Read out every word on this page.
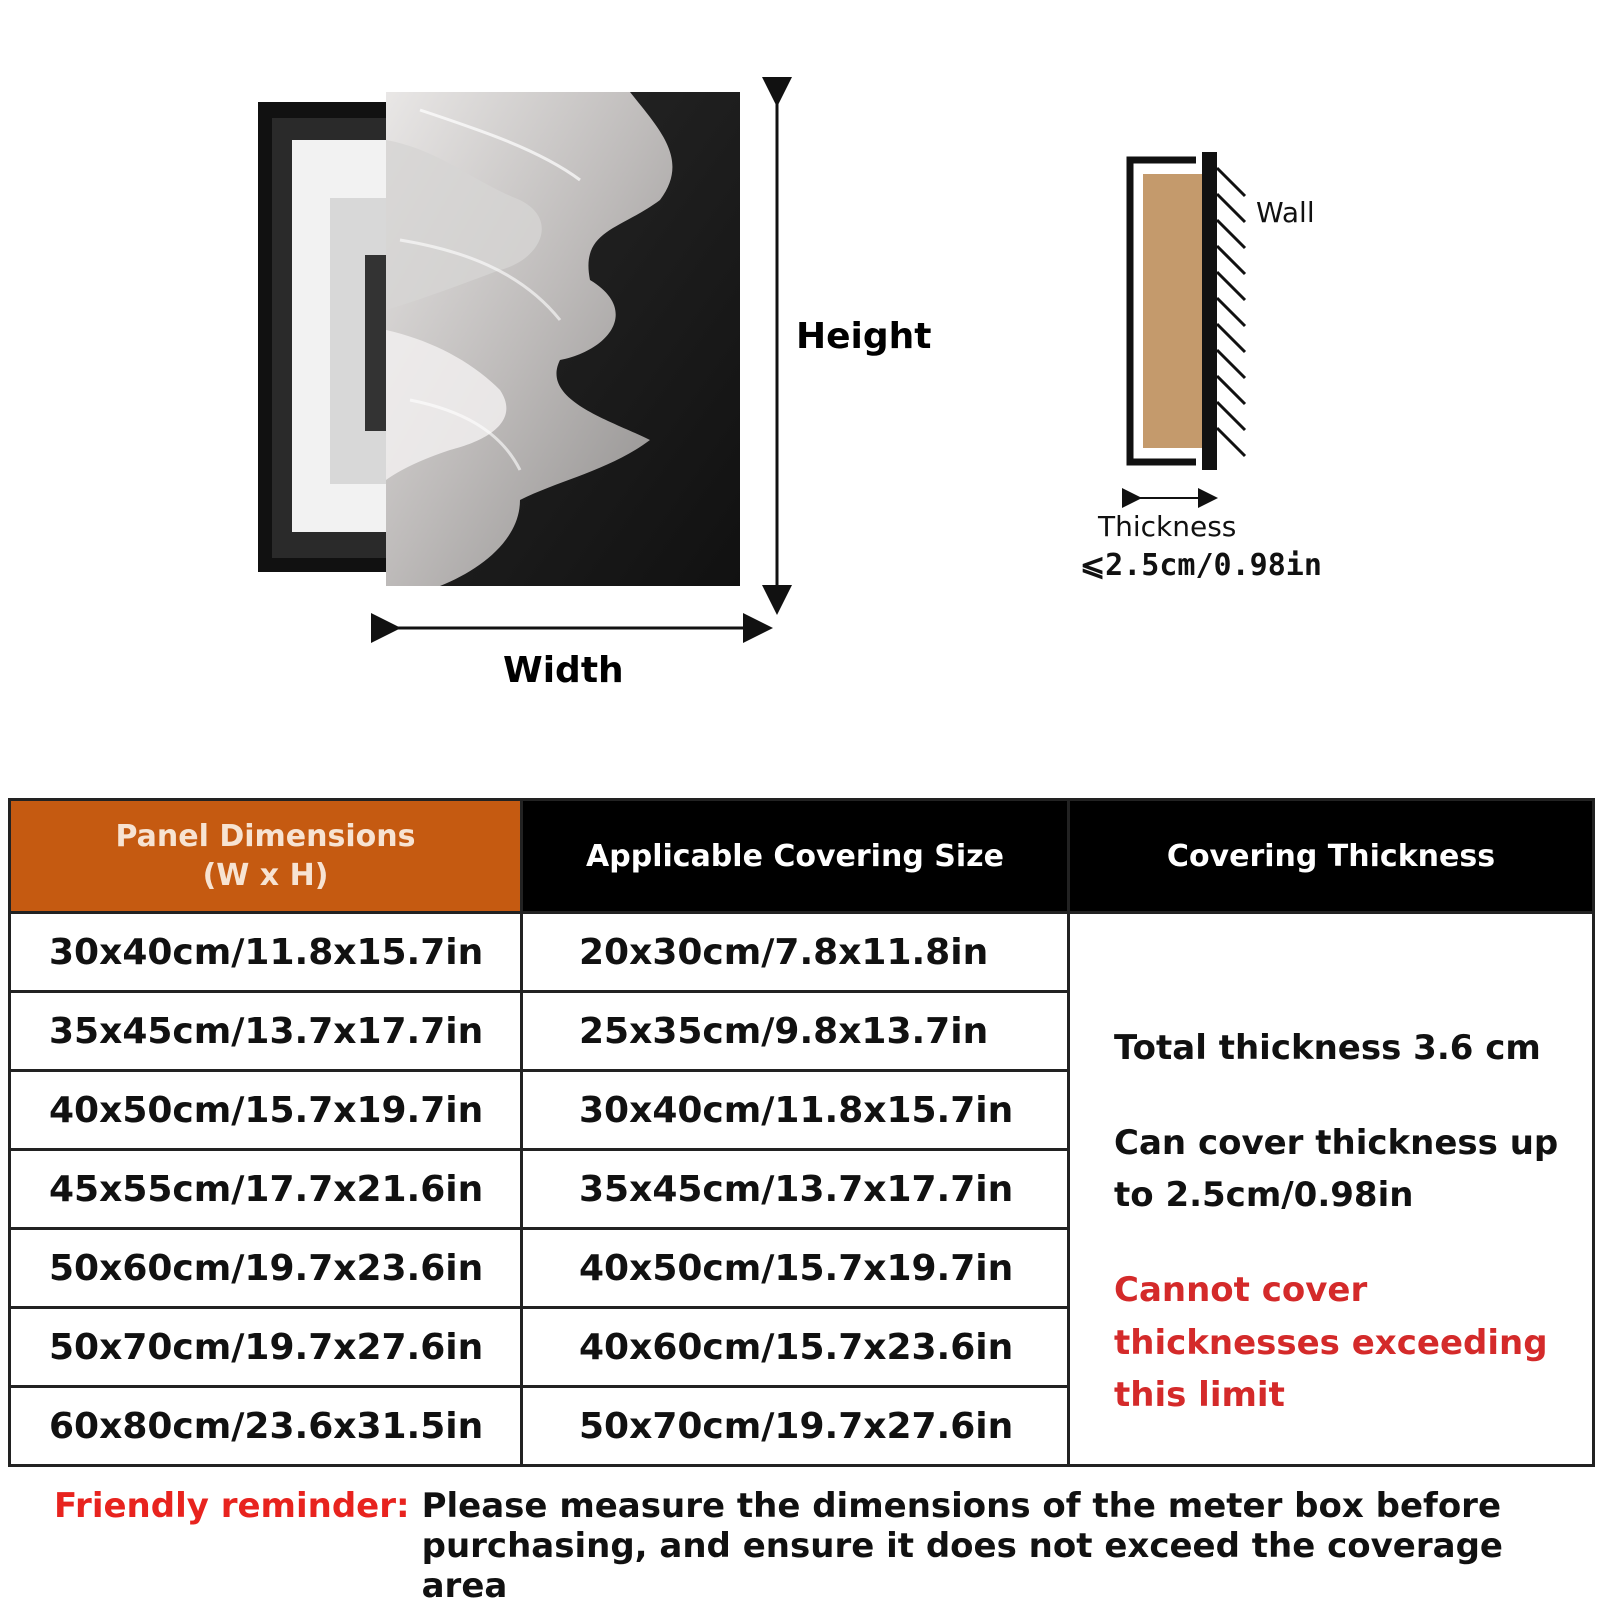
Height
Width
Wall
Thickness
⩽2.5cm/0.98in
Panel Dimensions
(W x H)	Applicable Covering Size	Covering Thickness
30x40cm/11.8x15.7in	20x30cm/7.8x11.8in	Total thickness 3.6 cm

Can cover thickness up to 2.5cm/0.98in

Cannot cover thicknesses exceeding this limit

35x45cm/13.7x17.7in	25x35cm/9.8x13.7in	
40x50cm/15.7x19.7in	30x40cm/11.8x15.7in	
45x55cm/17.7x21.6in	35x45cm/13.7x17.7in	
50x60cm/19.7x23.6in	40x50cm/15.7x19.7in	
50x70cm/19.7x27.6in	40x60cm/15.7x23.6in	
60x80cm/23.6x31.5in	50x70cm/19.7x27.6in	
Friendly reminder: Please measure the dimensions of the meter box before purchasing, and ensure it does not exceed the coverage area
